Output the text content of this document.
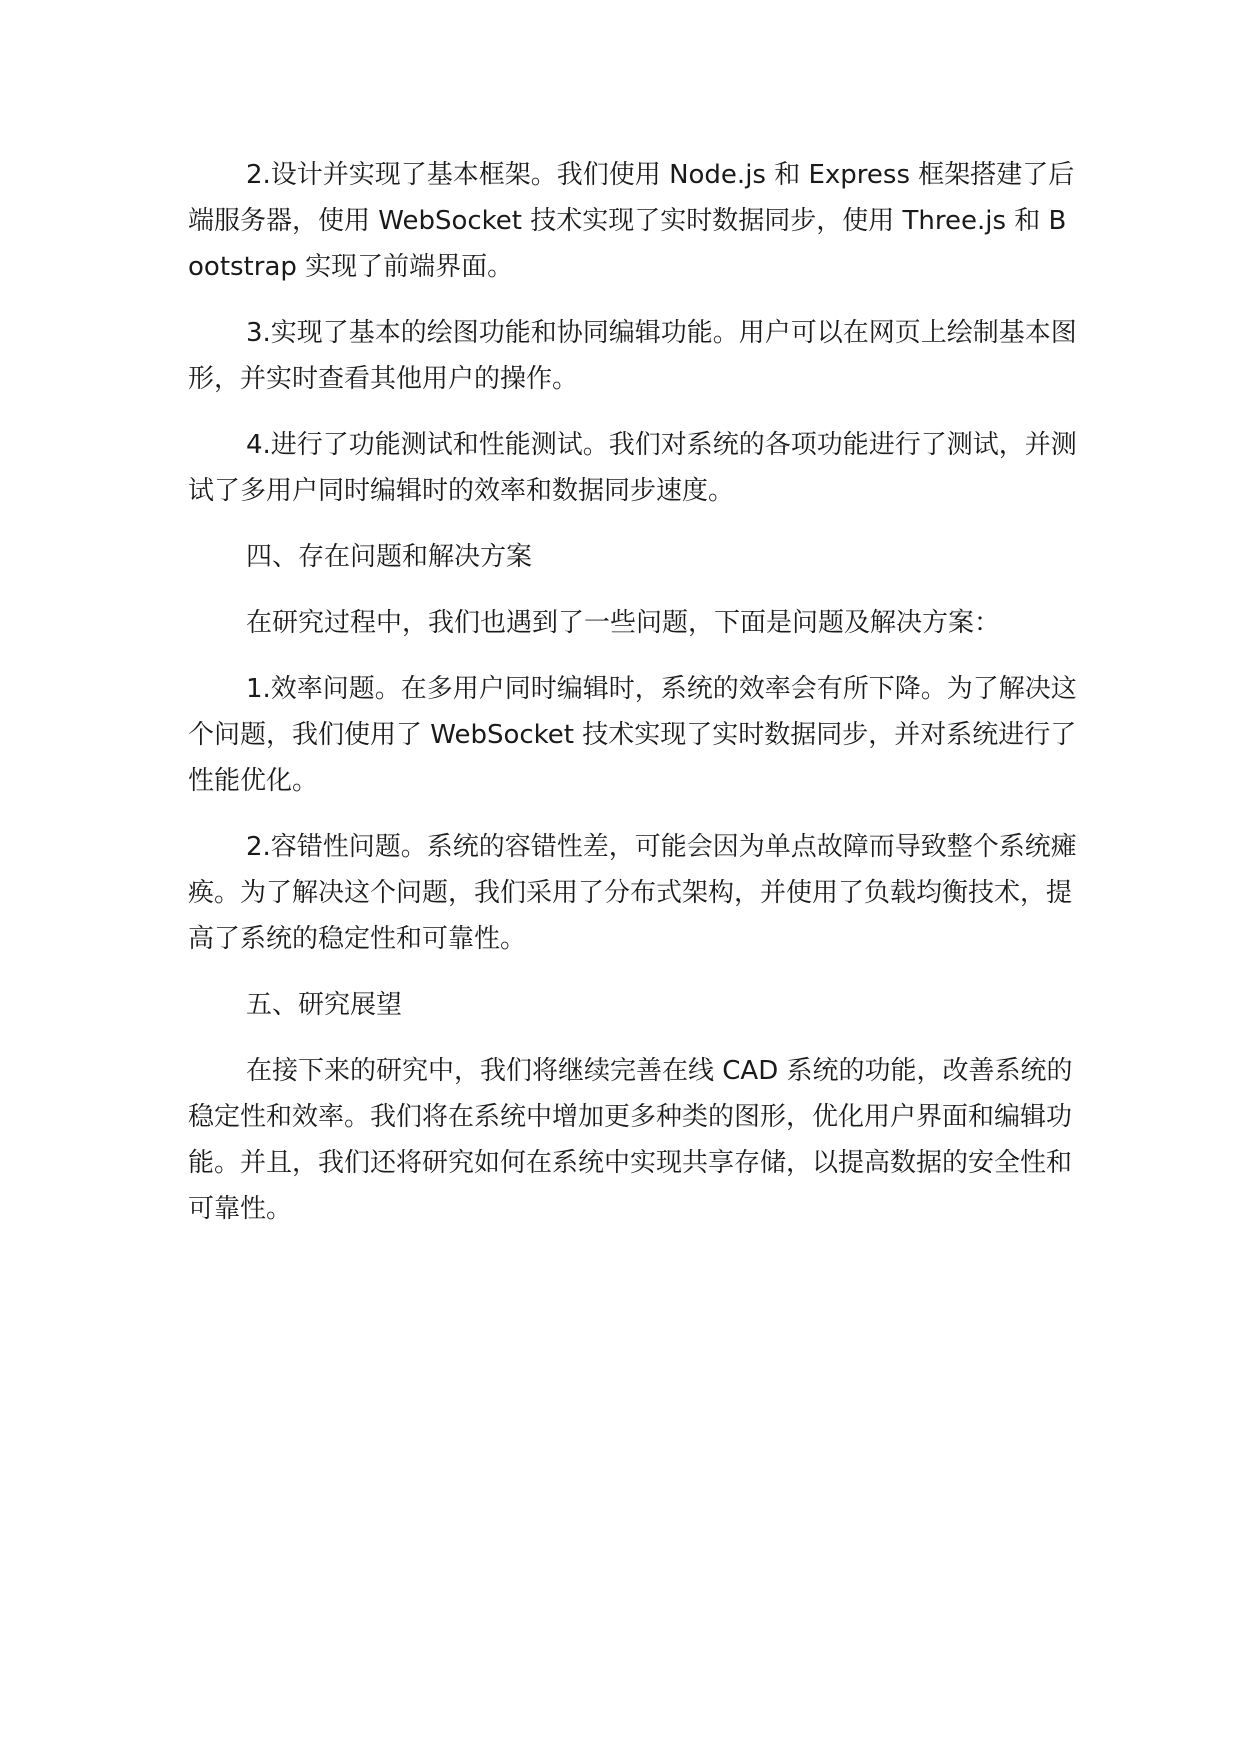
2.设计并实现了基本框架。我们使用 Node.js 和 Express 框架搭建了后端服务器，使用 WebSocket 技术实现了实时数据同步，使用 Three.js 和 Bootstrap 实现了前端界面。

3.实现了基本的绘图功能和协同编辑功能。用户可以在网页上绘制基本图形，并实时查看其他用户的操作。

4.进行了功能测试和性能测试。我们对系统的各项功能进行了测试，并测试了多用户同时编辑时的效率和数据同步速度。

四、存在问题和解决方案

在研究过程中，我们也遇到了一些问题，下面是问题及解决方案：

1.效率问题。在多用户同时编辑时，系统的效率会有所下降。为了解决这个问题，我们使用了 WebSocket 技术实现了实时数据同步，并对系统进行了性能优化。

2.容错性问题。系统的容错性差，可能会因为单点故障而导致整个系统瘫痪。为了解决这个问题，我们采用了分布式架构，并使用了负载均衡技术，提高了系统的稳定性和可靠性。

五、研究展望

在接下来的研究中，我们将继续完善在线 CAD 系统的功能，改善系统的稳定性和效率。我们将在系统中增加更多种类的图形，优化用户界面和编辑功能。并且，我们还将研究如何在系统中实现共享存储，以提高数据的安全性和可靠性。
